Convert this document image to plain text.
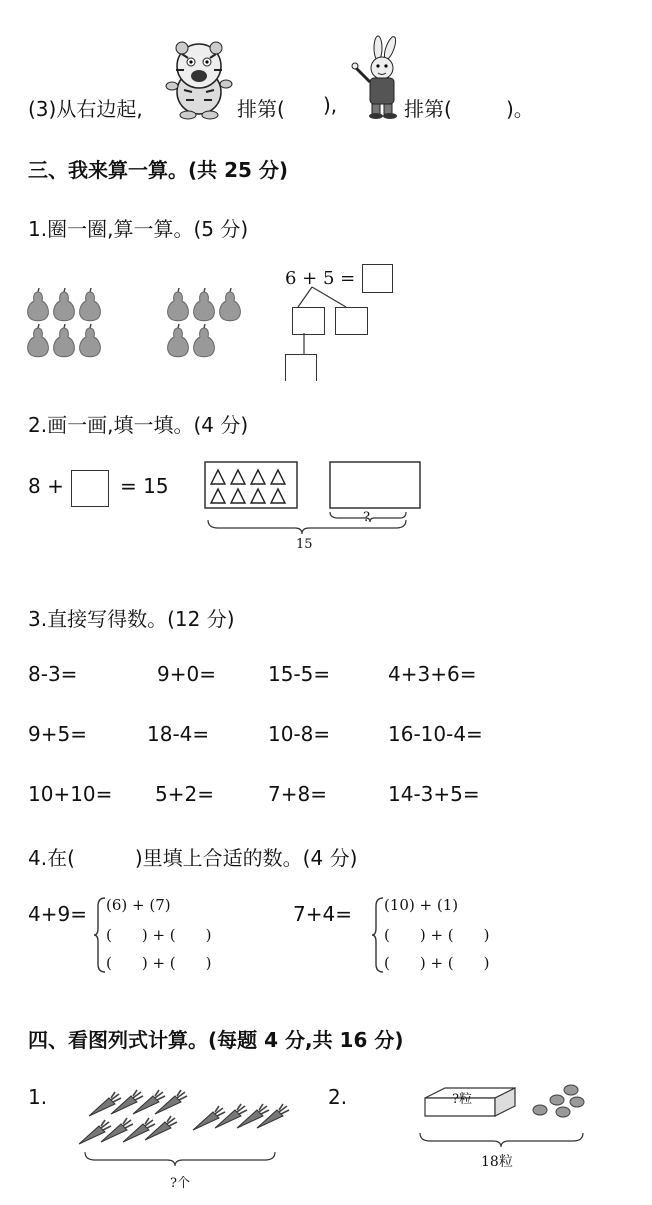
(3)从右边起,	排第( ),	排第(	)。
三、我来算一算。(共 25 分)
1.圈一圈,算一算。(5 分)
6 + 5 =
2.画一画,填一填。(4 分)
8 +	= 15
?
15
3.直接写得数。(12 分)
8-3=	9+0=	15-5=	4+3+6=
9+5=	18-4=	10-8=	16-10-4=
10+10= 5+2=	7+8=	14-3+5=
4.在(　　　)里填上合适的数。(4 分)
4+9= (6) + (7)
(　　) + (　　)
(　　) + (　　)
7+4= (10) + (1)
(　　) + (　　)
(　　) + (　　)
四、看图列式计算。(每题 4 分,共 16 分)
1.
?个
2.	?粒
18粒
